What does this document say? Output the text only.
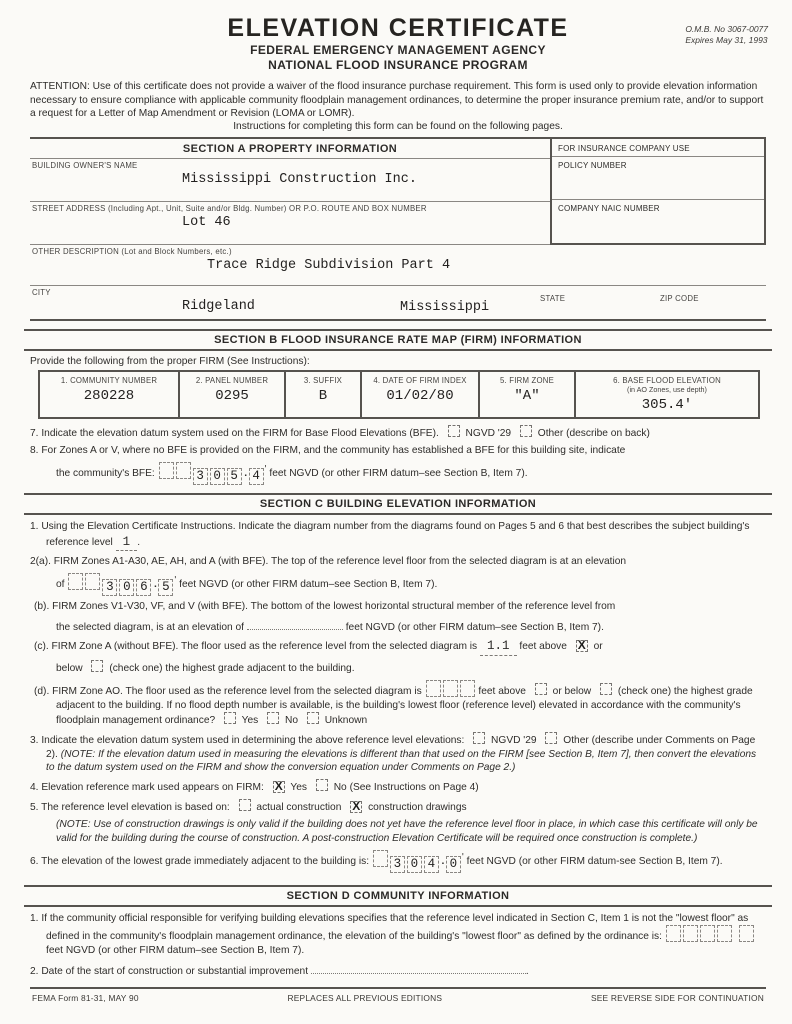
O.M.B. No 3067-0077
Expires May 31, 1993
ELEVATION CERTIFICATE
FEDERAL EMERGENCY MANAGEMENT AGENCY
NATIONAL FLOOD INSURANCE PROGRAM

ATTENTION: Use of this certificate does not provide a waiver of the flood insurance purchase requirement. This form is used only to provide elevation information necessary to ensure compliance with applicable community floodplain management ordinances, to determine the proper insurance premium rate, and/or to support a request for a Letter of Map Amendment or Revision (LOMA or LOMR).

Instructions for completing this form can be found on the following pages.

SECTION A PROPERTY INFORMATION
BUILDING OWNER'S NAME
Mississippi Construction Inc.
STREET ADDRESS (Including Apt., Unit, Suite and/or Bldg. Number) OR P.O. ROUTE AND BOX NUMBER
Lot 46
FOR INSURANCE COMPANY USE
POLICY NUMBER
COMPANY NAIC NUMBER
OTHER DESCRIPTION (Lot and Block Numbers, etc.)
Trace Ridge Subdivision Part 4
CITY
Ridgeland	Mississippi
STATE	ZIP CODE
SECTION B FLOOD INSURANCE RATE MAP (FIRM) INFORMATION

Provide the following from the proper FIRM (See Instructions):

1. COMMUNITY NUMBER
280228
2. PANEL NUMBER
0295
3. SUFFIX
B
4. DATE OF FIRM INDEX
01/02/80
5. FIRM ZONE
"A"
6. BASE FLOOD ELEVATION
(in AO Zones, use depth)
305.4'
7. Indicate the elevation datum system used on the FIRM for Base Flood Elevations (BFE).	NGVD '29	Other (describe on back)
8. For Zones A or V, where no BFE is provided on the FIRM, and the community has established a BFE for this building site, indicate
the community's BFE:	3 0 5 . 4 ' feet NGVD (or other FIRM datum–see Section B, Item 7).
SECTION C BUILDING ELEVATION INFORMATION
1. Using the Elevation Certificate Instructions. Indicate the diagram number from the diagrams found on Pages 5 and 6 that best describes the subject building's reference level 1 .
2(a). FIRM Zones A1-A30, AE, AH, and A (with BFE). The top of the reference level floor from the selected diagram is at an elevation
of	3 0 6 . 5 ' feet NGVD (or other FIRM datum–see Section B, Item 7).
(b). FIRM Zones V1-V30, VF, and V (with BFE). The bottom of the lowest horizontal structural member of the reference level from
the selected diagram, is at an elevation of	feet NGVD (or other FIRM datum–see Section B, Item 7).
(c). FIRM Zone A (without BFE). The floor used as the reference level from the selected diagram is 1.1 feet above X or
below	(check one) the highest grade adjacent to the building.
(d). FIRM Zone AO. The floor used as the reference level from the selected diagram is	feet above	or below	(check one) the highest grade adjacent to the building. If no flood depth number is available, is the building's lowest floor (reference level) elevated in accordance with the community's floodplain management ordinance?	Yes	No	Unknown
3. Indicate the elevation datum system used in determining the above reference level elevations:	NGVD '29	Other (describe under Comments on Page 2). (NOTE: If the elevation datum used in measuring the elevations is different than that used on the FIRM [see Section B, Item 7], then convert the elevations to the datum system used on the FIRM and show the conversion equation under Comments on Page 2.)
4. Elevation reference mark used appears on FIRM: X Yes	No (See Instructions on Page 4)
5. The reference level elevation is based on:	actual construction X construction drawings
(NOTE: Use of construction drawings is only valid if the building does not yet have the reference level floor in place, in which case this certificate will only be valid for the building during the course of construction. A post-construction Elevation Certificate will be required once construction is complete.)
6. The elevation of the lowest grade immediately adjacent to the building is: 3 0 4 . 0 ' feet NGVD (or other FIRM datum-see Section B, Item 7).
SECTION D COMMUNITY INFORMATION
1. If the community official responsible for verifying building elevations specifies that the reference level indicated in Section C, Item 1 is not the "lowest floor" as defined in the community's floodplain management ordinance, the elevation of the building's "lowest floor" as defined by the ordinance is:  feet NGVD (or other FIRM datum–see Section B, Item 7).
2. Date of the start of construction or substantial improvement	.
FEMA Form 81-31, MAY 90	REPLACES ALL PREVIOUS EDITIONS	SEE REVERSE SIDE FOR CONTINUATION
